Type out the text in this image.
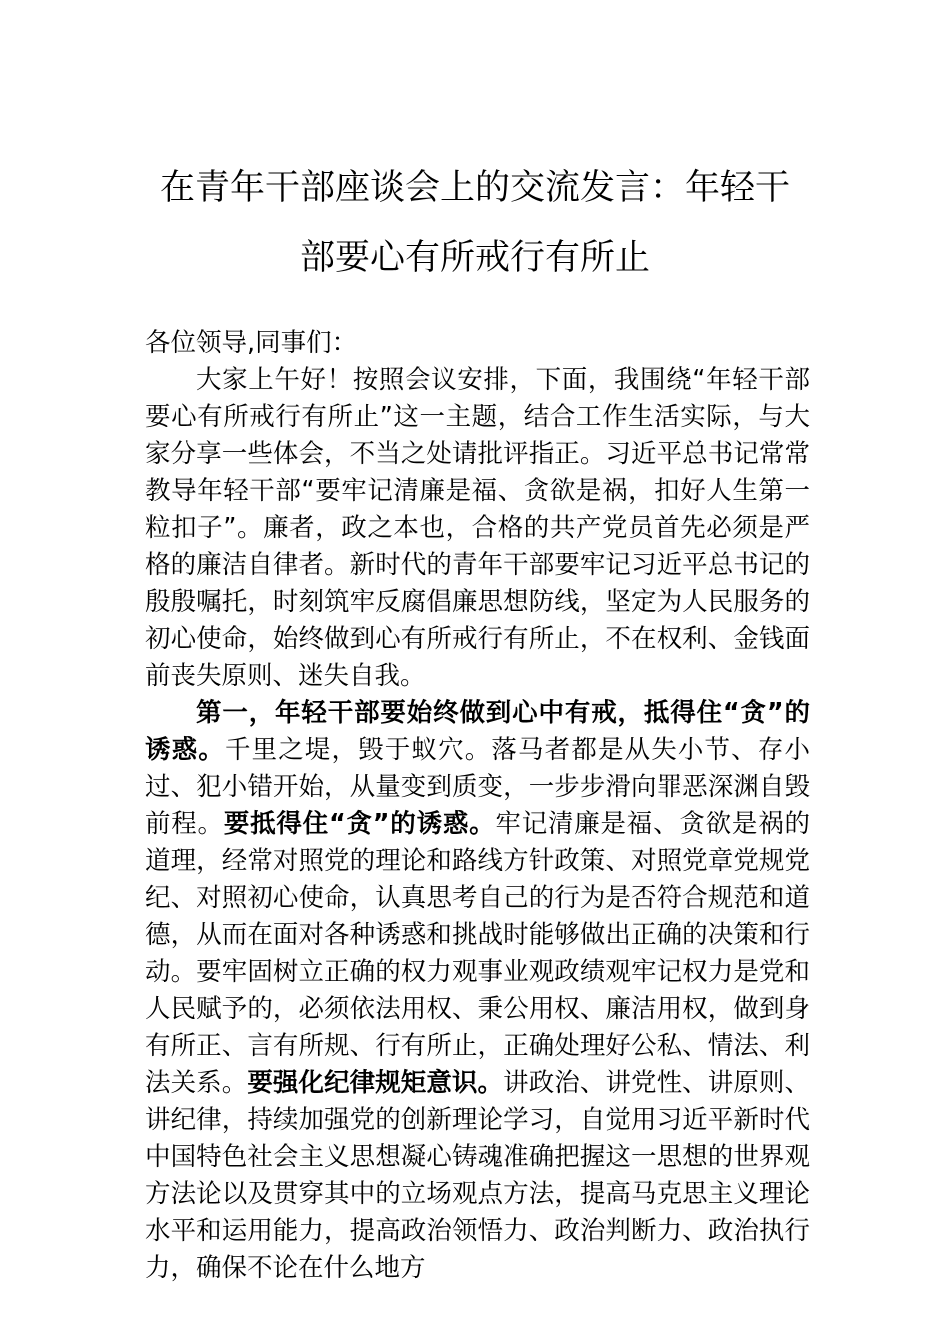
在青年干部座谈会上的交流发言：年轻干
部要心有所戒行有所止

各位领导,同事们：

大家上午好！按照会议安排，下面，我围绕“年轻干部要心有所戒行有所止”这一主题，结合工作生活实际，与大家分享一些体会，不当之处请批评指正。习近平总书记常常教导年轻干部“要牢记清廉是福、贪欲是祸，扣好人生第一粒扣子”。廉者，政之本也，合格的共产党员首先必须是严格的廉洁自律者。新时代的青年干部要牢记习近平总书记的殷殷嘱托，时刻筑牢反腐倡廉思想防线，坚定为人民服务的初心使命，始终做到心有所戒行有所止，不在权利、金钱面前丧失原则、迷失自我。

第一，年轻干部要始终做到心中有戒，抵得住“贪”的诱惑。千里之堤，毁于蚁穴。落马者都是从失小节、存小过、犯小错开始，从量变到质变，一步步滑向罪恶深渊自毁前程。要抵得住“贪”的诱惑。牢记清廉是福、贪欲是祸的道理，经常对照党的理论和路线方针政策、对照党章党规党纪、对照初心使命，认真思考自己的行为是否符合规范和道德，从而在面对各种诱惑和挑战时能够做出正确的决策和行动。要牢固树立正确的权力观事业观政绩观牢记权力是党和人民赋予的，必须依法用权、秉公用权、廉洁用权，做到身有所正、言有所规、行有所止，正确处理好公私、情法、利法关系。要强化纪律规矩意识。讲政治、讲党性、讲原则、讲纪律，持续加强党的创新理论学习，自觉用习近平新时代中国特色社会主义思想凝心铸魂准确把握这一思想的世界观方法论以及贯穿其中的立场观点方法，提高马克思主义理论水平和运用能力，提高政治领悟力、政治判断力、政治执行力，确保不论在什么地方
